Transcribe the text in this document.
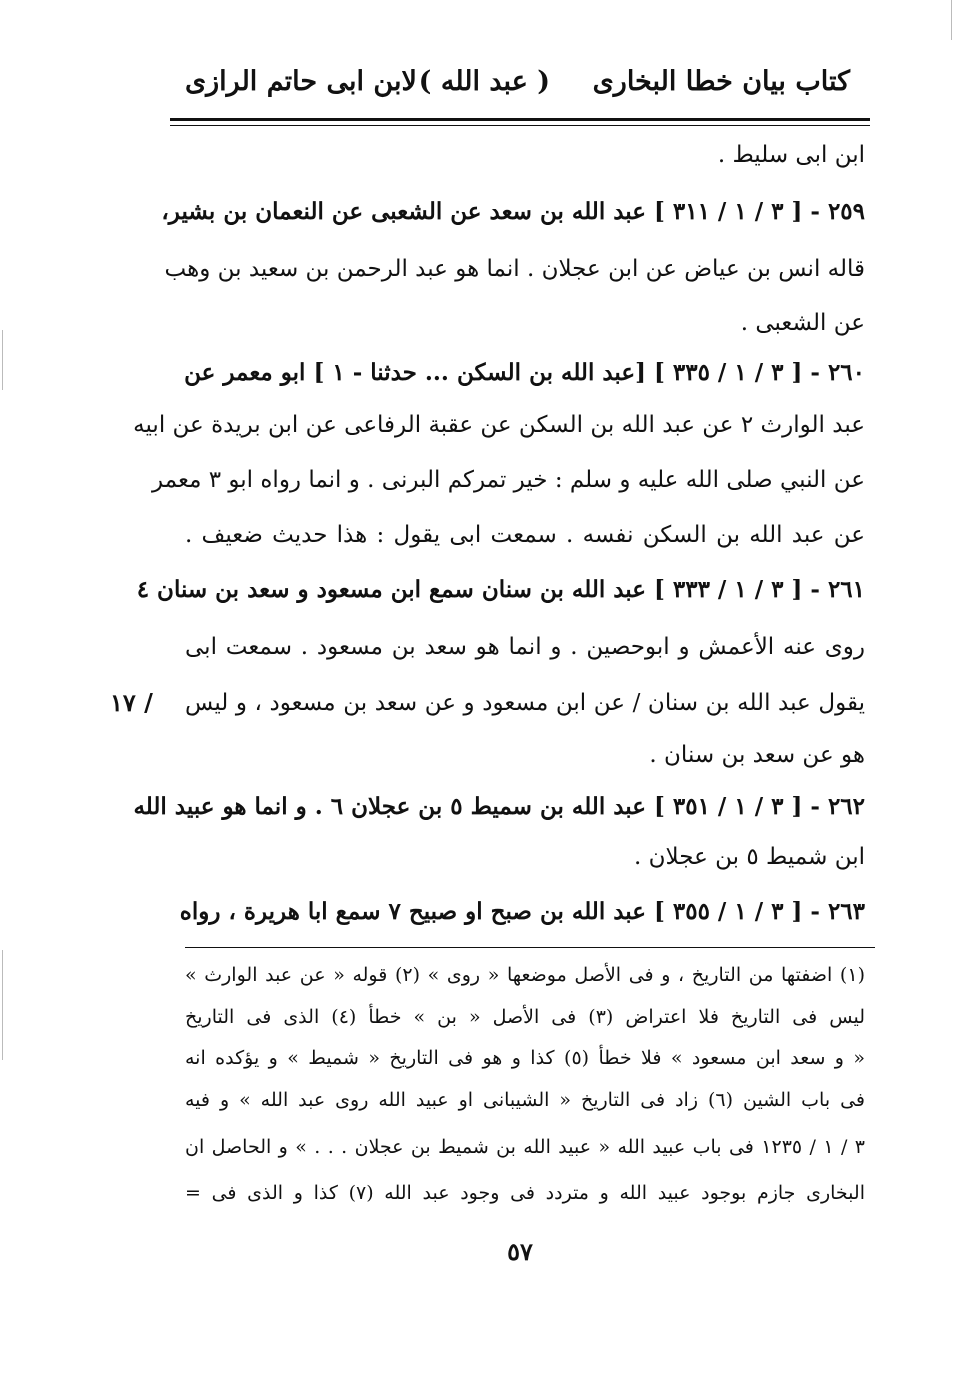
كتاب بيان خطا البخارى
( عبد الله )
لابن ابى حاتم الرازى
ابن ابى سليط .
٢٥٩ - [ ٣ / ١ / ٣١١ ] عبد الله بن سعد عن الشعبى عن النعمان بن بشير،
قاله انس بن عياض عن ابن عجلان . انما هو عبد الرحمن بن سعيد بن وهب
عن الشعبى .
٢٦٠ - [ ٣ / ١ / ٣٣٥ ] [عبد الله بن السكن ... حدثنا - ١ ] ابو معمر عن
عبد الوارث ٢ عن عبد الله بن السكن عن عقبة الرفاعى عن ابن بريدة عن ابيه
عن النبي صلى الله عليه و سلم : خير تمركم البرنى . و انما رواه ابو ٣ معمر
عن عبد الله بن السكن نفسه . سمعت ابى يقول : هذا حديث ضعيف .
٢٦١ - [ ٣ / ١ / ٣٣٣ ] عبد الله بن سنان سمع ابن مسعود و سعد بن سنان ٤
روى عنه الأعمش و ابوحصين . و انما هو سعد بن مسعود . سمعت ابى
يقول عبد الله بن سنان / عن ابن مسعود و عن سعد بن مسعود ، و ليس
هو عن سعد بن سنان .
٢٦٢ - [ ٣ / ١ / ٣٥١ ] عبد الله بن سميط ٥ بن عجلان ٦ . و انما هو عبيد الله
ابن شميط ٥ بن عجلان .
٢٦٣ - [ ٣ / ١ / ٣٥٥ ] عبد الله بن صبح او صبيح ٧ سمع ابا هريرة ، رواه
١٧ /
(١) اضفتها من التاريخ ، و فى الأصل موضعها « روى » (٢) قوله « عن عبد الوارث »
ليس فى التاريخ فلا اعتراض (٣) فى الأصل « بن » خطأ (٤) الذى فى التاريخ
« و سعد ابن مسعود » فلا خطأ (٥) كذا و هو فى التاريخ « شميط » و يؤكده انه
فى باب الشين (٦) زاد فى التاريخ « الشيبانى او عبيد الله روى عبد الله » و فيه
٣ / ١ / ١٢٣٥ فى باب عبيد الله « عبيد الله بن شميط بن عجلان . . . » و الحاصل ان
البخارى جازم بوجود عبيد الله و متردد فى وجود عبد الله (٧) كذا و الذى فى =
٥٧
